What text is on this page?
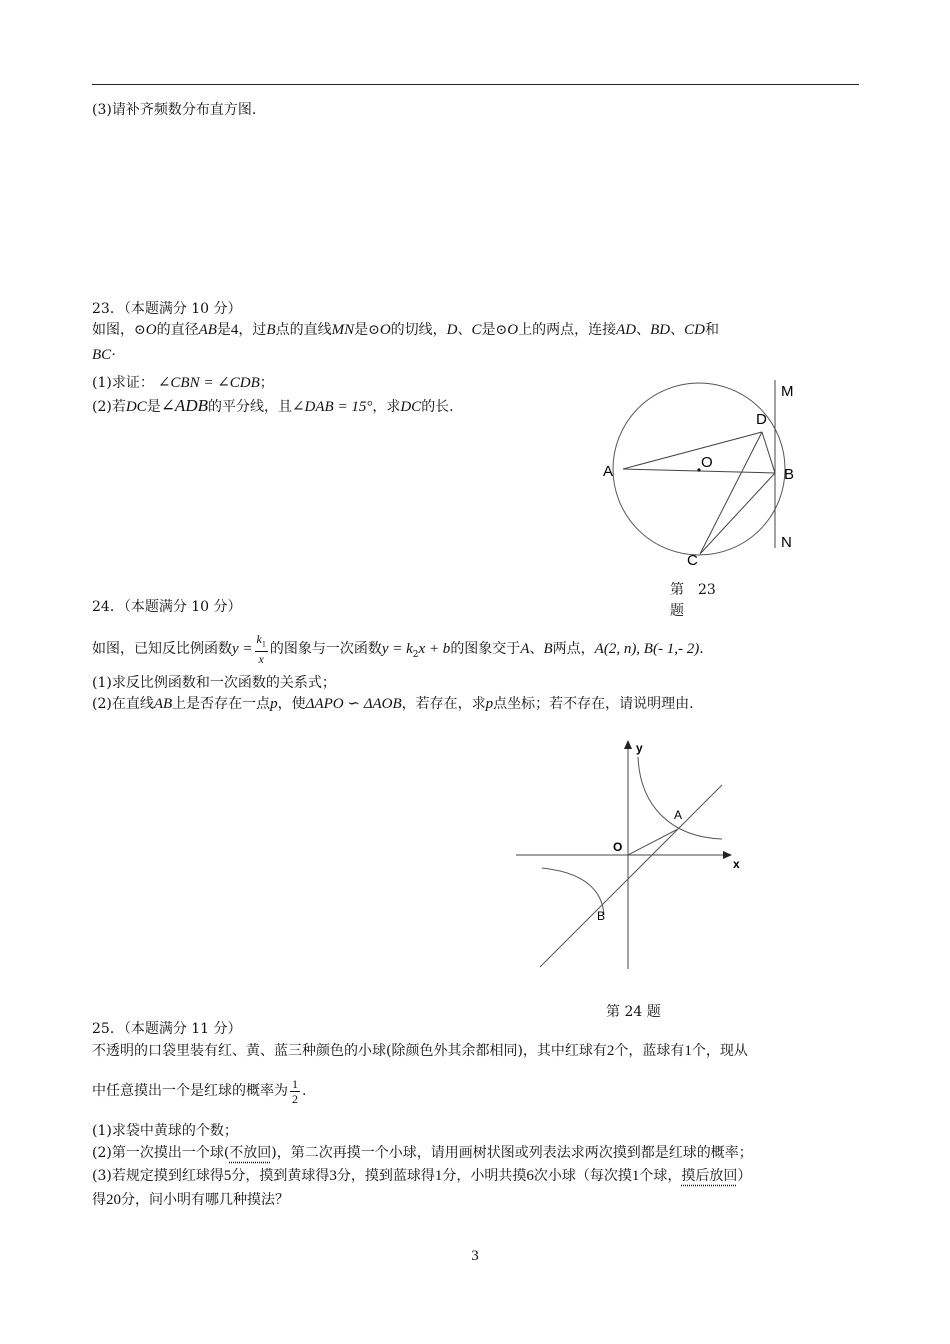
(3)请补齐频数分布直方图.
23．（本题满分 10 分）
如图，⊙O的直径AB是4，过B点的直线MN是⊙O的切线，D、C是⊙O上的两点，连接AD、BD、CD和
BC·
(1)求证： ∠CBN = ∠CDB；
(2)若DC是∠ADB的平分线，且∠DAB = 15°，求DC的长.
M
D
O
A	B
N
C
第　23
题
24．（本题满分 10 分）
如图，已知反比例函数$y = \frac{k_1}{x}$ 的图象与一次函数$y = k_2x + b$的图象交于A、B两点，A(2, n), B(- 1,- 2).
(1)求反比例函数和一次函数的关系式；
(2)在直线AB上是否存在一点p，使ΔAPO ∽ ΔAOB，若存在，求p点坐标；若不存在，请说明理由.
y
x
O
A
B
第 24 题
25．（本题满分 11 分）
不透明的口袋里装有红、黄、蓝三种颜色的小球(除颜色外其余都相同)，其中红球有2个，蓝球有1个，现从
中任意摸出一个是红球的概率为 $\frac{1}{2}$ .
(1)求袋中黄球的个数；
(2)第一次摸出一个球(不放回)，第二次再摸一个小球，请用画树状图或列表法求两次摸到都是红球的概率；
(3)若规定摸到红球得5分，摸到黄球得3分，摸到蓝球得1分，小明共摸6次小球（每次摸1个球，摸后放回）
得20分，问小明有哪几种摸法？
3
